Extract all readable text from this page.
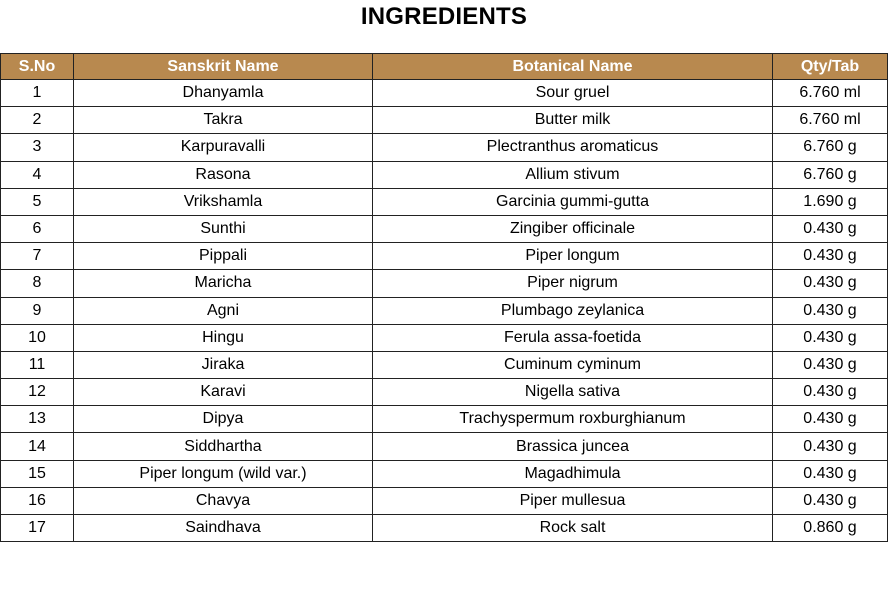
INGREDIENTS
S.No	Sanskrit Name	Botanical Name	Qty/Tab
1	Dhanyamla	Sour gruel	6.760 ml
2	Takra	Butter milk	6.760 ml
3	Karpuravalli	Plectranthus aromaticus	6.760 g
4	Rasona	Allium stivum	6.760 g
5	Vrikshamla	Garcinia gummi-gutta	1.690 g
6	Sunthi	Zingiber officinale	0.430 g
7	Pippali	Piper longum	0.430 g
8	Maricha	Piper nigrum	0.430 g
9	Agni	Plumbago zeylanica	0.430 g
10	Hingu	Ferula assa-foetida	0.430 g
11	Jiraka	Cuminum cyminum	0.430 g
12	Karavi	Nigella sativa	0.430 g
13	Dipya	Trachyspermum roxburghianum	0.430 g
14	Siddhartha	Brassica juncea	0.430 g
15	Piper longum (wild var.)	Magadhimula	0.430 g
16	Chavya	Piper mullesua	0.430 g
17	Saindhava	Rock salt	0.860 g
